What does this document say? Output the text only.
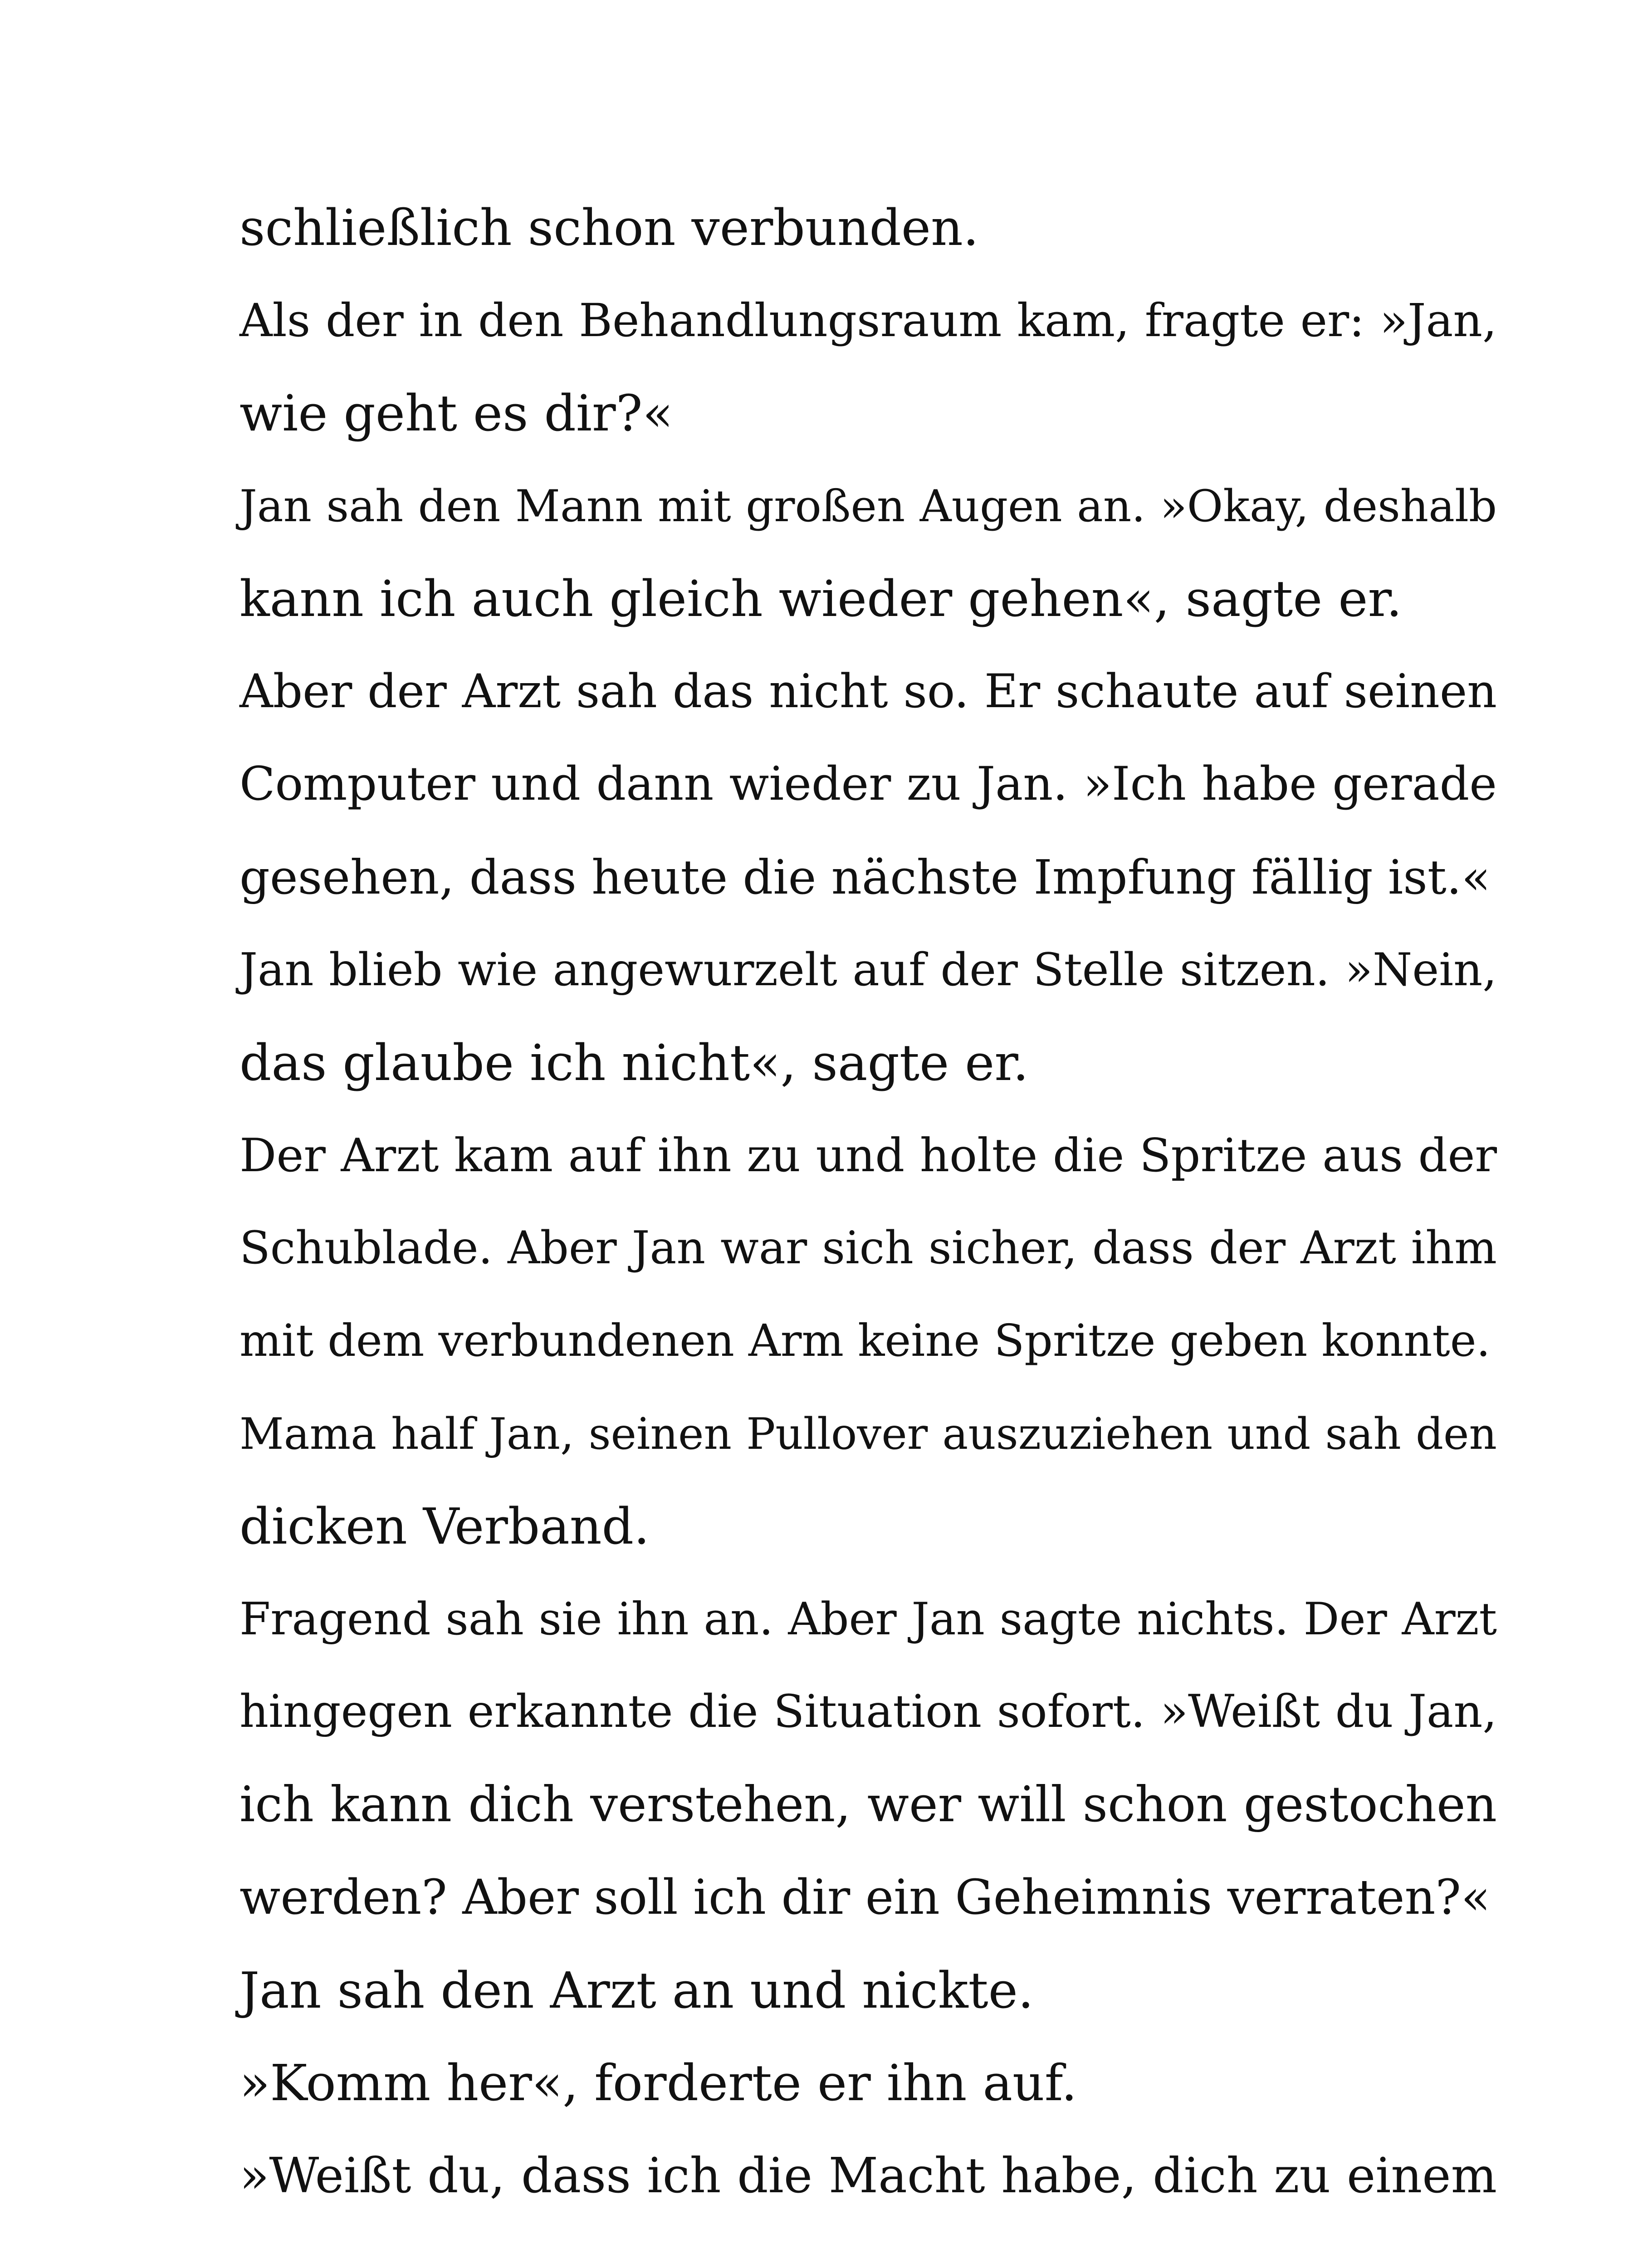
schließlich schon verbunden.
Als der in den Behandlungsraum kam, fragte er: »Jan,
wie geht es dir?«
Jan sah den Mann mit großen Augen an. »Okay, deshalb
kann ich auch gleich wieder gehen«, sagte er.
Aber der Arzt sah das nicht so. Er schaute auf seinen
Computer und dann wieder zu Jan. »Ich habe gerade
gesehen, dass heute die nächste Impfung fällig ist.«
Jan blieb wie angewurzelt auf der Stelle sitzen. »Nein,
das glaube ich nicht«, sagte er.
Der Arzt kam auf ihn zu und holte die Spritze aus der
Schublade. Aber Jan war sich sicher, dass der Arzt ihm
mit dem verbundenen Arm keine Spritze geben konnte.
Mama half Jan, seinen Pullover auszuziehen und sah den
dicken Verband.
Fragend sah sie ihn an. Aber Jan sagte nichts. Der Arzt
hingegen erkannte die Situation sofort. »Weißt du Jan,
ich kann dich verstehen, wer will schon gestochen
werden? Aber soll ich dir ein Geheimnis verraten?«
Jan sah den Arzt an und nickte.
»Komm her«, forderte er ihn auf.
»Weißt du, dass ich die Macht habe, dich zu einem
